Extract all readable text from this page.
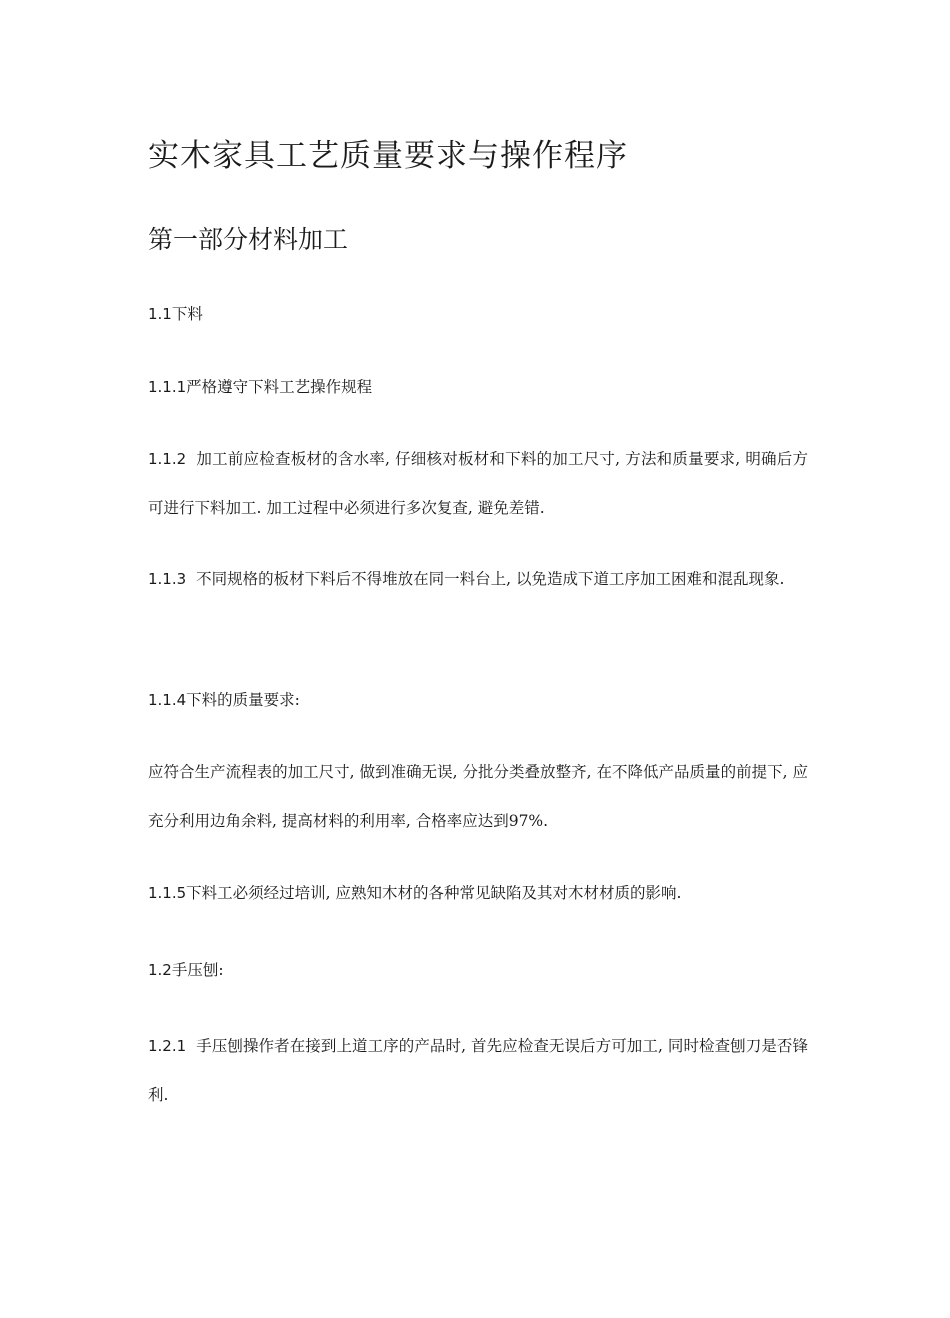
实木家具工艺质量要求与操作程序
第一部分材料加工

1.1下料

1.1.1严格遵守下料工艺操作规程

1.1.2 加工前应检查板材的含水率, 仔细核对板材和下料的加工尺寸, 方法和质量要求, 明确后方可进行下料加工. 加工过程中必须进行多次复查, 避免差错.

1.1.3 不同规格的板材下料后不得堆放在同一料台上, 以免造成下道工序加工困难和混乱现象.

1.1.4下料的质量要求:

应符合生产流程表的加工尺寸, 做到准确无误, 分批分类叠放整齐, 在不降低产品质量的前提下, 应充分利用边角余料, 提高材料的利用率, 合格率应达到97%.

1.1.5下料工必须经过培训, 应熟知木材的各种常见缺陷及其对木材材质的影响.

1.2手压刨:

1.2.1 手压刨操作者在接到上道工序的产品时, 首先应检查无误后方可加工, 同时检查刨刀是否锋利.
